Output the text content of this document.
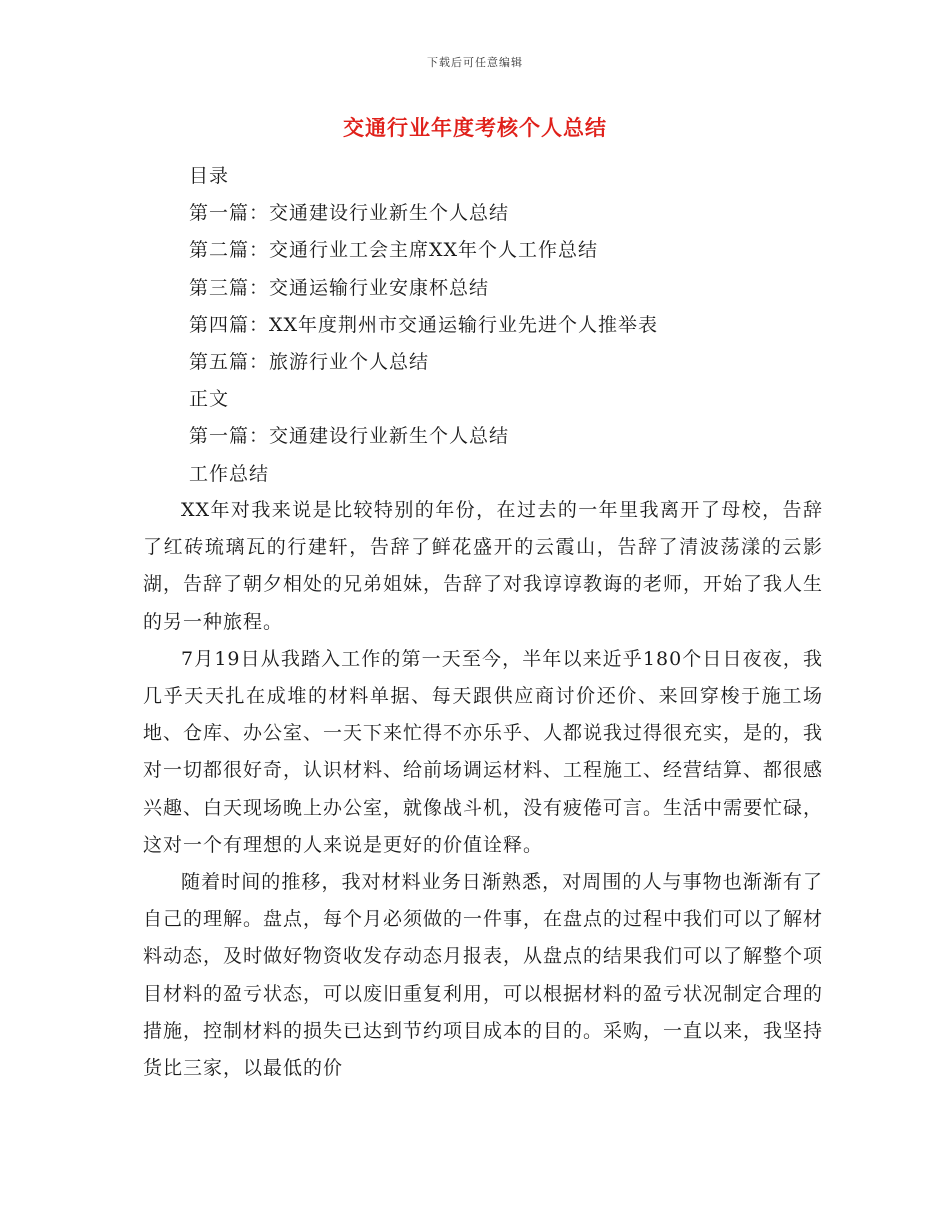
下载后可任意编辑
交通行业年度考核个人总结
目录
第一篇：交通建设行业新生个人总结
第二篇：交通行业工会主席XX年个人工作总结
第三篇：交通运输行业安康杯总结
第四篇：XX年度荆州市交通运输行业先进个人推举表
第五篇：旅游行业个人总结
正文
第一篇：交通建设行业新生个人总结
工作总结

XX年对我来说是比较特别的年份，在过去的一年里我离开了母校，告辞了红砖琉璃瓦的行建轩，告辞了鲜花盛开的云霞山，告辞了清波荡漾的云影湖，告辞了朝夕相处的兄弟姐妹，告辞了对我谆谆教诲的老师，开始了我人生的另一种旅程。

7月19日从我踏入工作的第一天至今，半年以来近乎180个日日夜夜，我几乎天天扎在成堆的材料单据、每天跟供应商讨价还价、来回穿梭于施工场地、仓库、办公室、一天下来忙得不亦乐乎、人都说我过得很充实，是的，我对一切都很好奇，认识材料、给前场调运材料、工程施工、经营结算、都很感兴趣、白天现场晚上办公室，就像战斗机，没有疲倦可言。生活中需要忙碌，这对一个有理想的人来说是更好的价值诠释。

随着时间的推移，我对材料业务日渐熟悉，对周围的人与事物也渐渐有了自己的理解。盘点，每个月必须做的一件事，在盘点的过程中我们可以了解材料动态，及时做好物资收发存动态月报表，从盘点的结果我们可以了解整个项目材料的盈亏状态，可以废旧重复利用，可以根据材料的盈亏状况制定合理的措施，控制材料的损失已达到节约项目成本的目的。采购，一直以来，我坚持货比三家，以最低的价
